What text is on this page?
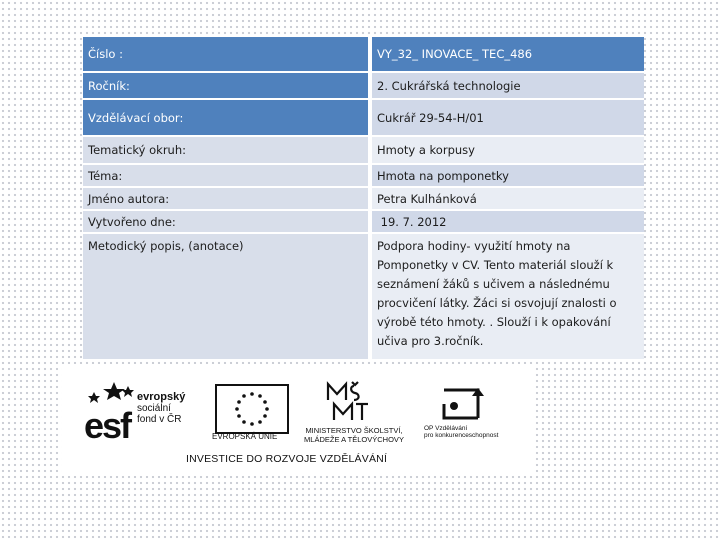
Číslo :	VY_32_ INOVACE_ TEC_486
Ročník:	2. Cukrářská technologie
Vzdělávací obor:	Cukrář 29-54-H/01
Tematický okruh:	Hmoty a korpusy
Téma:	Hmota na pomponetky
Jméno autora:	Petra Kulhánková
Vytvořeno dne:	19. 7. 2012
Metodický popis, (anotace)	Podpora hodiny- využití hmoty na Pomponetky v CV. Tento materiál slouží k seznámení žáků s učivem a následnému procvičení látky. Žáci si osvojují znalosti o výrobě této hmoty. . Slouží i k opakování učiva pro 3.ročník.
esf
evropský
sociální
fond v ČR
EVROPSKÁ UNIE
MINISTERSTVO ŠKOLSTVÍ,
MLÁDEŽE A TĚLOVÝCHOVY
OP Vzdělávání
pro konkurenceschopnost
INVESTICE DO ROZVOJE VZDĚLÁVÁNÍ
